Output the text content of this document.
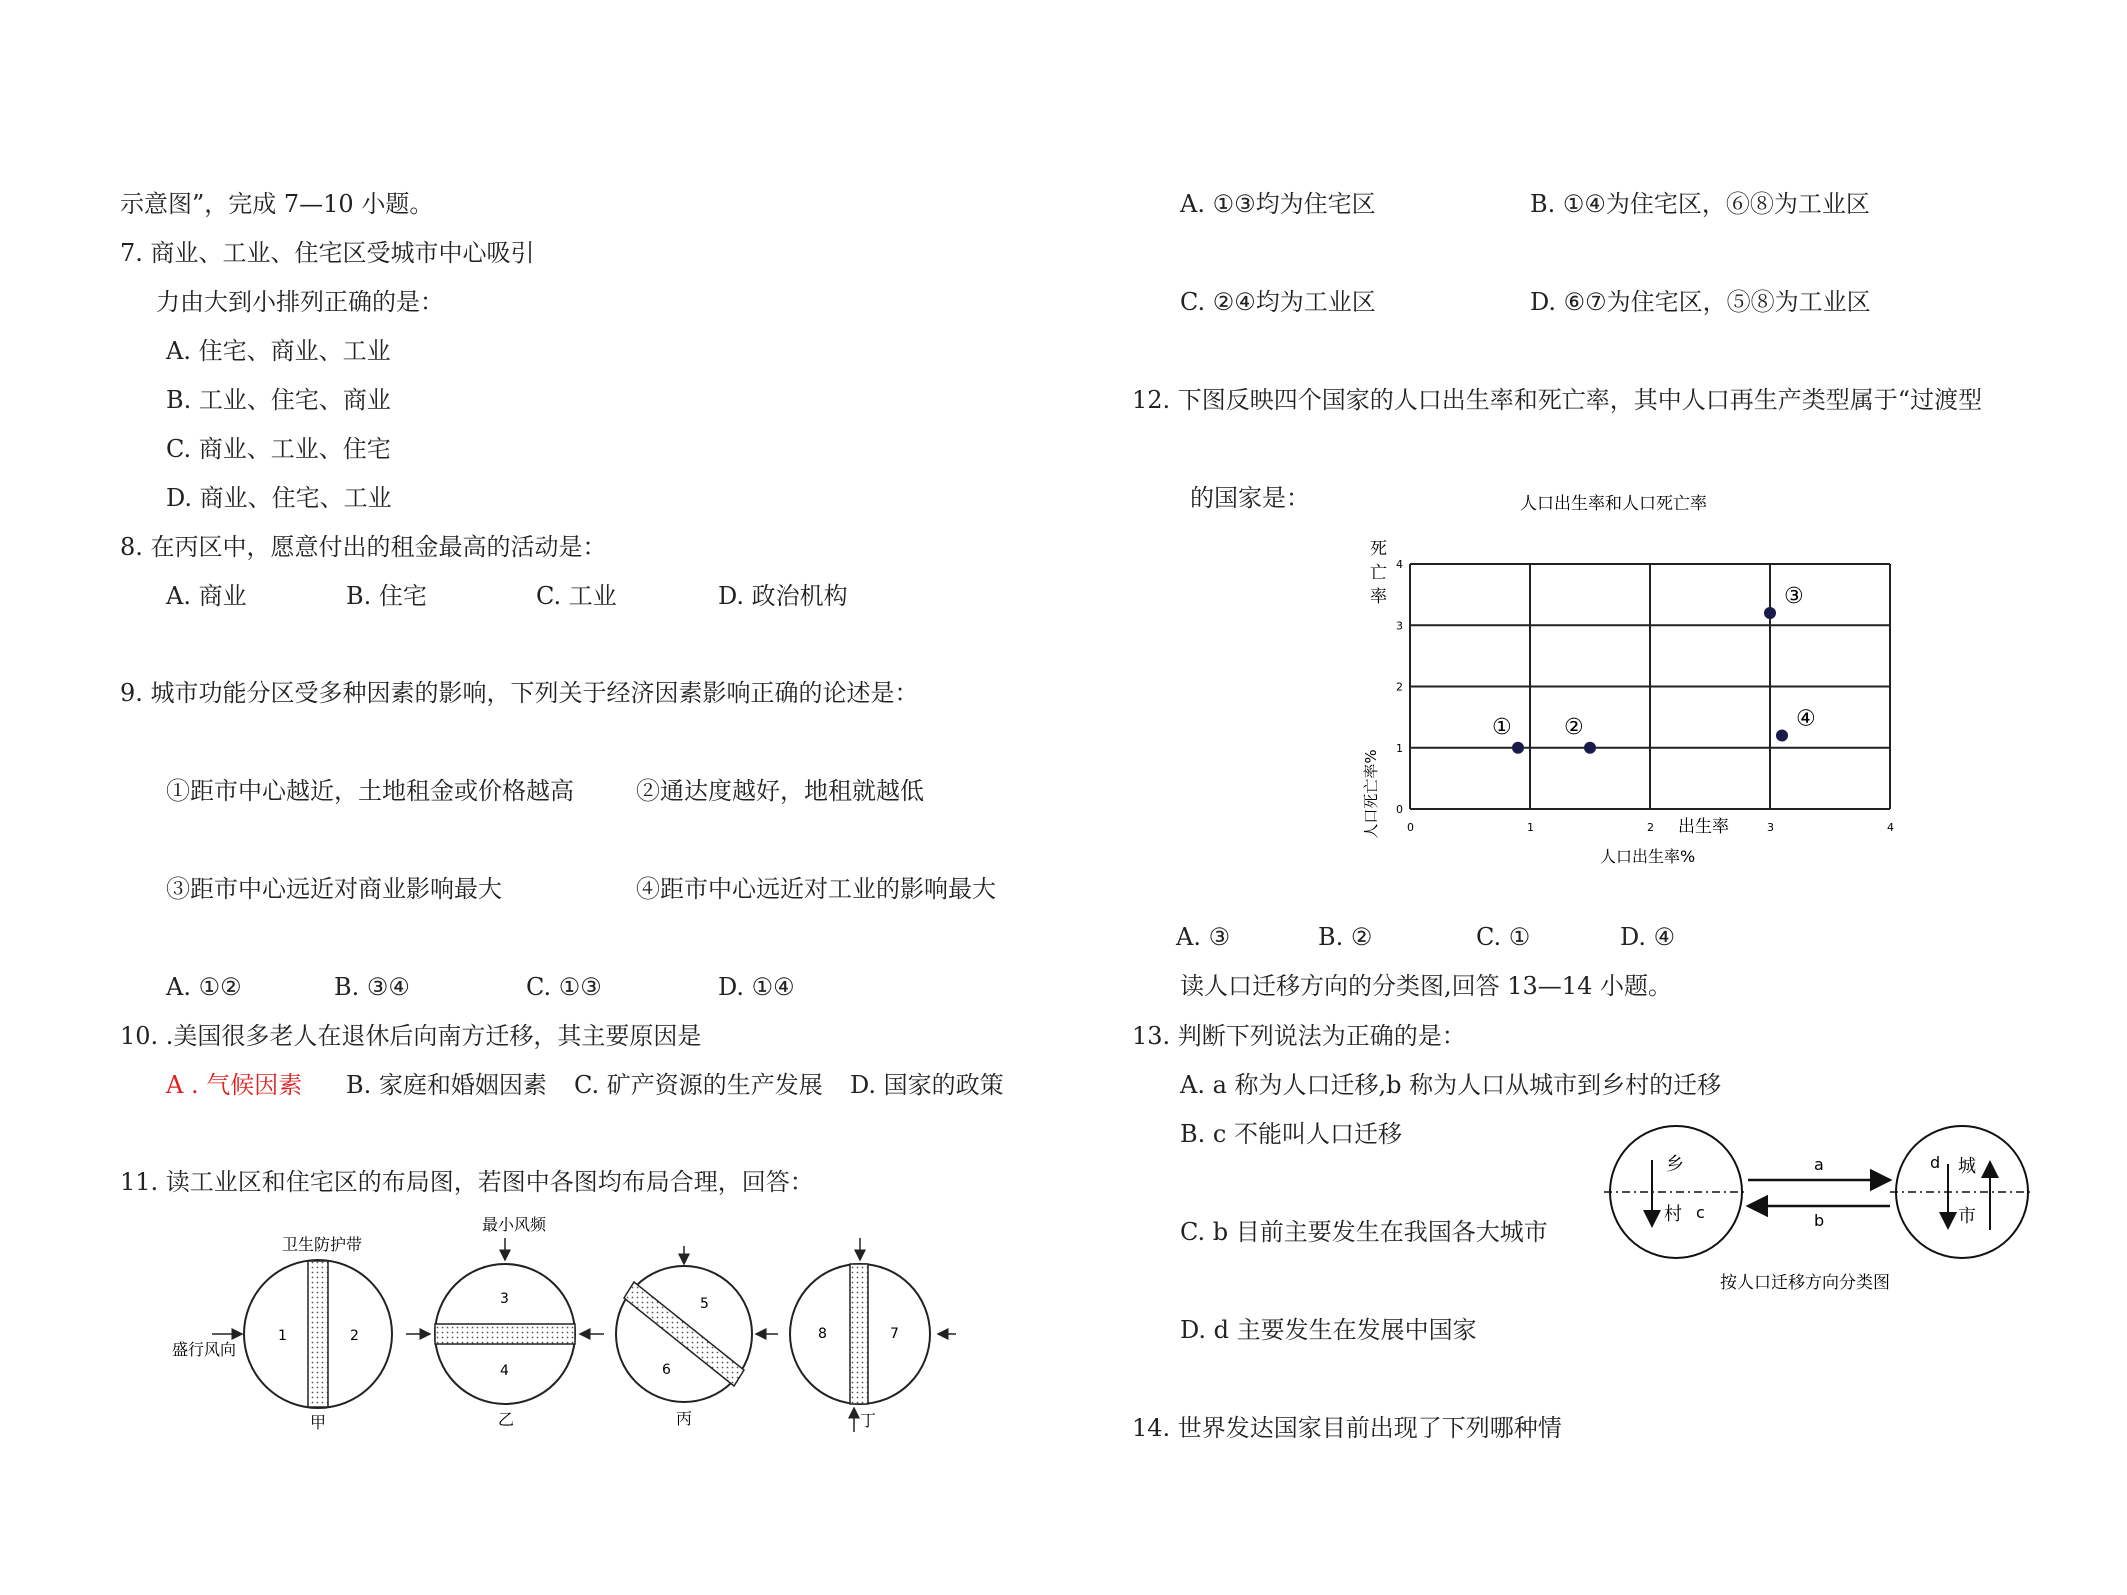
示意图”，完成 7—10 小题。
7. 商业、工业、住宅区受城市中心吸引
力由大到小排列正确的是：
A. 住宅、商业、工业
B. 工业、住宅、商业
C. 商业、工业、住宅
D. 商业、住宅、工业
8. 在丙区中，愿意付出的租金最高的活动是：
A. 商业	B. 住宅	C. 工业	D. 政治机构
9. 城市功能分区受多种因素的影响，下列关于经济因素影响正确的论述是：
①距市中心越近，土地租金或价格越高	②通达度越好，地租就越低
③距市中心远近对商业影响最大	④距市中心远近对工业的影响最大
A. ①②	B. ③④	C. ①③	D. ①④
10. .美国很多老人在退休后向南方迁移，其主要原因是
A . 气候因素 B. 家庭和婚姻因素 C. 矿产资源的生产发展 D. 国家的政策
11. 读工业区和住宅区的布局图，若图中各图均布局合理，回答：
卫生防护带
最小风频
盛行风向
1	2
甲
3
4
乙
5
6
丙
8	7
丁
A. ①③均为住宅区	B. ①④为住宅区，⑥⑧为工业区
C. ②④均为工业区	D. ⑥⑦为住宅区，⑤⑧为工业区
12. 下图反映四个国家的人口出生率和死亡率，其中人口再生产类型属于“过渡型
的国家是：	人口出生率和人口死亡率
人口死亡率% 0	1	2	3	4
0
1
2
3
4
① ②
③
④
出生率
人口出生率%
死
亡
率
A. ③	B. ②	C. ①	D. ④
读人口迁移方向的分类图,回答 13—14 小题。
13. 判断下列说法为正确的是：
A. a 称为人口迁移,b 称为人口从城市到乡村的迁移
B. c 不能叫人口迁移
C. b 目前主要发生在我国各大城市
D. d 主要发生在发展中国家
14. 世界发达国家目前出现了下列哪种情
乡
村 c
d 城
市
a
b
按人口迁移方向分类图
